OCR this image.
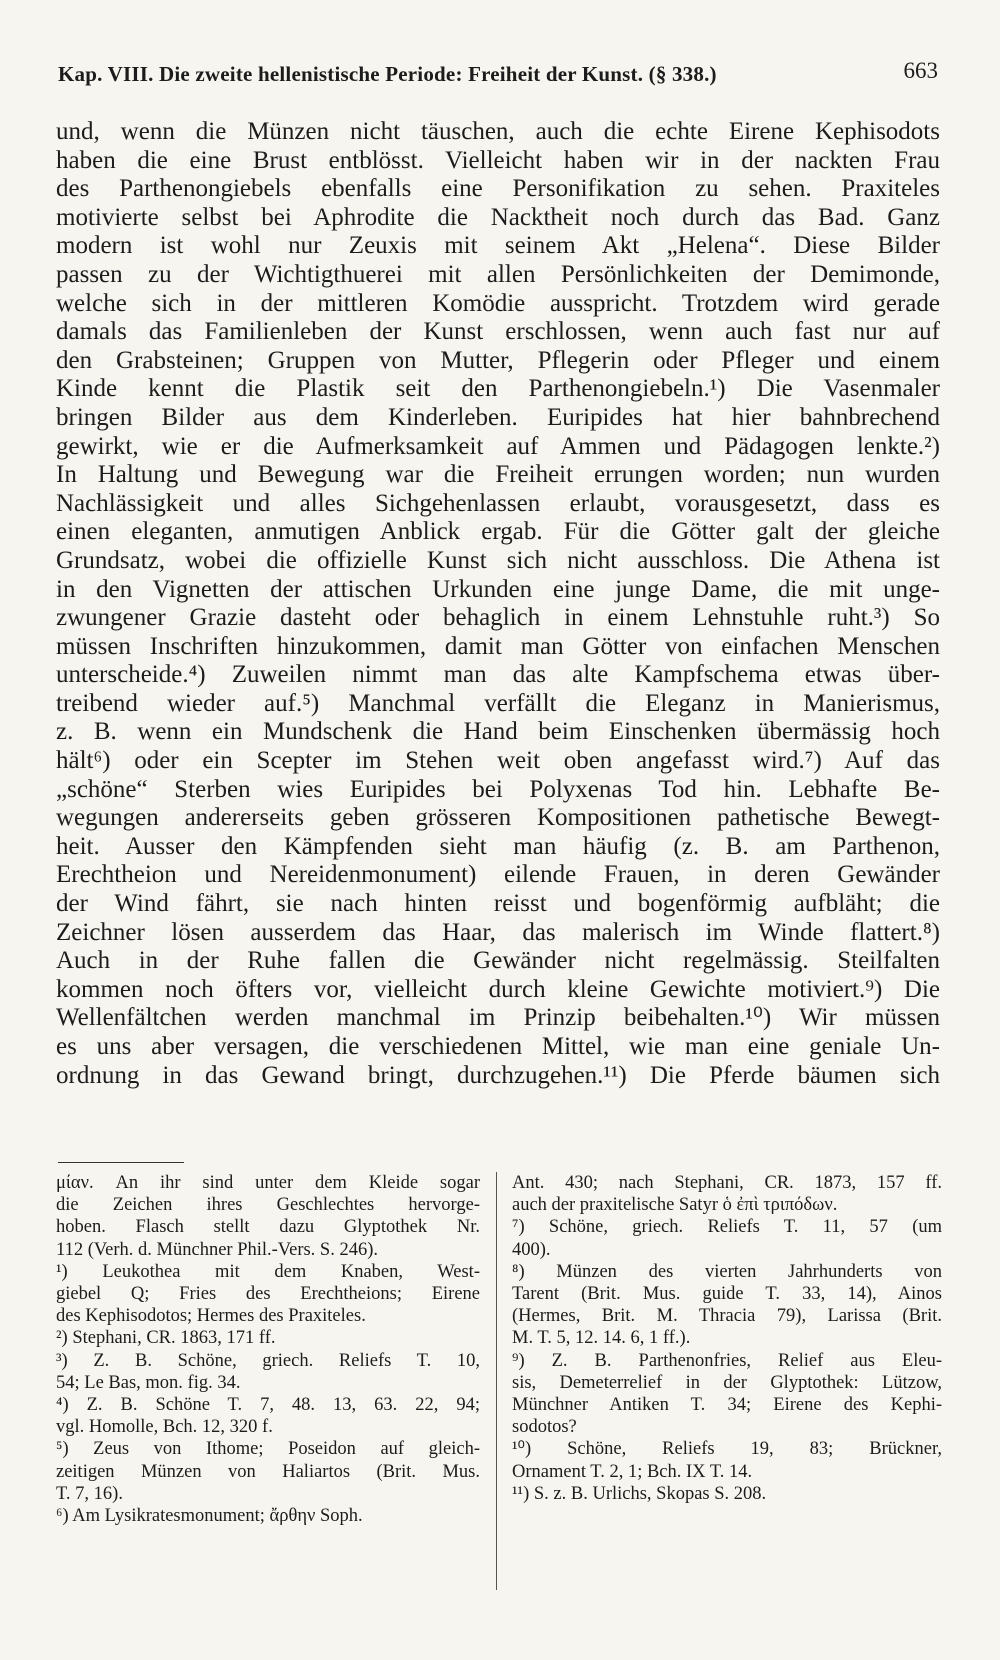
Kap. VIII. Die zweite hellenistische Periode: Freiheit der Kunst. (§ 338.)	663
und, wenn die Münzen nicht täuschen, auch die echte Eirene Kephisodots
haben die eine Brust entblösst. Vielleicht haben wir in der nackten Frau
des Parthenongiebels ebenfalls eine Personifikation zu sehen. Praxiteles
motivierte selbst bei Aphrodite die Nacktheit noch durch das Bad. Ganz
modern ist wohl nur Zeuxis mit seinem Akt „Helena“. Diese Bilder
passen zu der Wichtigthuerei mit allen Persönlichkeiten der Demimonde,
welche sich in der mittleren Komödie ausspricht. Trotzdem wird gerade
damals das Familienleben der Kunst erschlossen, wenn auch fast nur auf
den Grabsteinen; Gruppen von Mutter, Pflegerin oder Pfleger und einem
Kinde kennt die Plastik seit den Parthenongiebeln.¹) Die Vasenmaler
bringen Bilder aus dem Kinderleben. Euripides hat hier bahnbrechend
gewirkt, wie er die Aufmerksamkeit auf Ammen und Pädagogen lenkte.²)
In Haltung und Bewegung war die Freiheit errungen worden; nun wurden
Nachlässigkeit und alles Sichgehenlassen erlaubt, vorausgesetzt, dass es
einen eleganten, anmutigen Anblick ergab. Für die Götter galt der gleiche
Grundsatz, wobei die offizielle Kunst sich nicht ausschloss. Die Athena ist
in den Vignetten der attischen Urkunden eine junge Dame, die mit unge-
zwungener Grazie dasteht oder behaglich in einem Lehnstuhle ruht.³) So
müssen Inschriften hinzukommen, damit man Götter von einfachen Menschen
unterscheide.⁴) Zuweilen nimmt man das alte Kampfschema etwas über-
treibend wieder auf.⁵) Manchmal verfällt die Eleganz in Manierismus,
z. B. wenn ein Mundschenk die Hand beim Einschenken übermässig hoch
hält⁶) oder ein Scepter im Stehen weit oben angefasst wird.⁷) Auf das
„schöne“ Sterben wies Euripides bei Polyxenas Tod hin. Lebhafte Be-
wegungen andererseits geben grösseren Kompositionen pathetische Bewegt-
heit. Ausser den Kämpfenden sieht man häufig (z. B. am Parthenon,
Erechtheion und Nereidenmonument) eilende Frauen, in deren Gewänder
der Wind fährt, sie nach hinten reisst und bogenförmig aufbläht; die
Zeichner lösen ausserdem das Haar, das malerisch im Winde flattert.⁸)
Auch in der Ruhe fallen die Gewänder nicht regelmässig. Steilfalten
kommen noch öfters vor, vielleicht durch kleine Gewichte motiviert.⁹) Die
Wellenfältchen werden manchmal im Prinzip beibehalten.¹⁰) Wir müssen
es uns aber versagen, die verschiedenen Mittel, wie man eine geniale Un-
ordnung in das Gewand bringt, durchzugehen.¹¹) Die Pferde bäumen sich
μίαν. An ihr sind unter dem Kleide sogar
die Zeichen ihres Geschlechtes hervorge-
hoben. Flasch stellt dazu Glyptothek Nr.
112 (Verh. d. Münchner Phil.-Vers. S. 246).
¹) Leukothea mit dem Knaben, West-
giebel Q; Fries des Erechtheions; Eirene
des Kephisodotos; Hermes des Praxiteles.
²) Stephani, CR. 1863, 171 ff.
³) Z. B. Schöne, griech. Reliefs T. 10,
54; Le Bas, mon. fig. 34.
⁴) Z. B. Schöne T. 7, 48. 13, 63. 22, 94;
vgl. Homolle, Bch. 12, 320 f.
⁵) Zeus von Ithome; Poseidon auf gleich-
zeitigen Münzen von Haliartos (Brit. Mus.
T. 7, 16).
⁶) Am Lysikratesmonument; ἄρθην Soph.
Ant. 430; nach Stephani, CR. 1873, 157 ff.
auch der praxitelische Satyr ὁ ἐπὶ τριπόδων.
⁷) Schöne, griech. Reliefs T. 11, 57 (um
400).
⁸) Münzen des vierten Jahrhunderts von
Tarent (Brit. Mus. guide T. 33, 14), Ainos
(Hermes, Brit. M. Thracia 79), Larissa (Brit.
M. T. 5, 12. 14. 6, 1 ff.).
⁹) Z. B. Parthenonfries, Relief aus Eleu-
sis, Demeterrelief in der Glyptothek: Lützow,
Münchner Antiken T. 34; Eirene des Kephi-
sodotos?
¹⁰) Schöne, Reliefs 19, 83; Brückner,
Ornament T. 2, 1; Bch. IX T. 14.
¹¹) S. z. B. Urlichs, Skopas S. 208.
